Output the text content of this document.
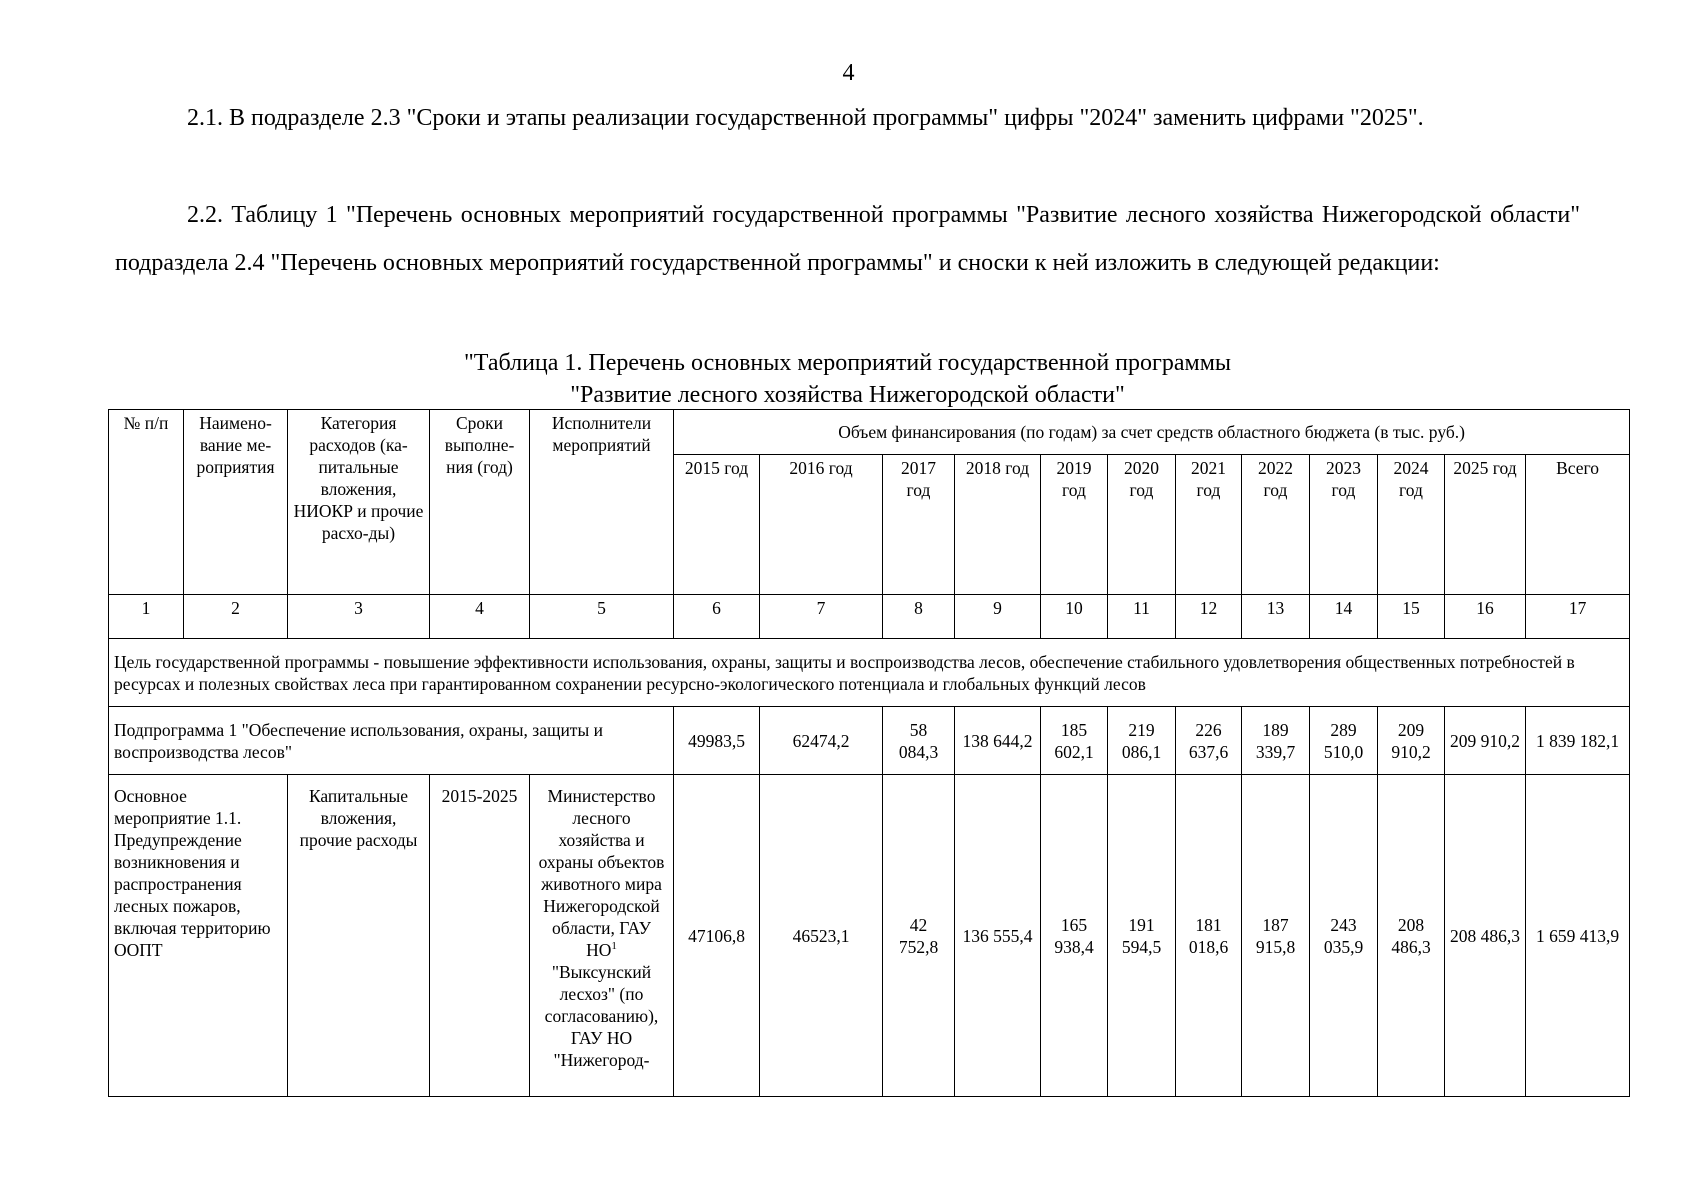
4

2.1. В подразделе 2.3 "Сроки и этапы реализации государственной программы" цифры "2024" заменить цифрами "2025".

2.2. Таблицу 1 "Перечень основных мероприятий государственной программы "Развитие лесного хозяйства Нижегородской области" подраздела 2.4 "Перечень основных мероприятий государственной программы" и сноски к ней изложить в следующей редакции:

"Таблица 1. Перечень основных мероприятий государственной программы
"Развитие лесного хозяйства Нижегородской области"
№ п/п	Наимено-вание ме-роприятия	Категория расходов (ка-питальные вложения, НИОКР и прочие расхо-ды)	Сроки выполне-ния (год)	Исполнители мероприятий	Объем финансирования (по годам) за счет средств областного бюджета (в тыс. руб.)											
					2015 год	2016 год	2017 год	2018 год	2019 год	2020 год	2021 год	2022 год	2023 год	2024 год	2025 год	Всего
1	2	3	4	5	6	7	8	9	10	11	12	13	14	15	16	17
Цель государственной программы - повышение эффективности использования, охраны, защиты и воспроизводства лесов, обеспечение стабильного удовлетворения общественных потребностей в ресурсах и полезных свойствах леса при гарантированном сохранении ресурсно-экологического потенциала и глобальных функций лесов																
Подпрограмма 1 "Обеспечение использования, охраны, защиты и воспроизводства лесов"					49983,5	62474,2	58 084,3	138 644,2	185 602,1	219 086,1	226 637,6	189 339,7	289 510,0	209 910,2	209 910,2	1 839 182,1
Основное мероприятие 1.1. Предупреждение возникновения и распространения лесных пожаров, включая территорию ООПТ		Капитальные вложения, прочие расходы	2015-2025	Министерство лесного хозяйства и охраны объектов животного мира Нижегородской области, ГАУ $НО^1$ "Выксунский лесхоз" (по согласованию), ГАУ НО "Нижегород-	47106,8	46523,1	42 752,8	136 555,4	165 938,4	191 594,5	181 018,6	187 915,8	243 035,9	208 486,3	208 486,3	1 659 413,9
